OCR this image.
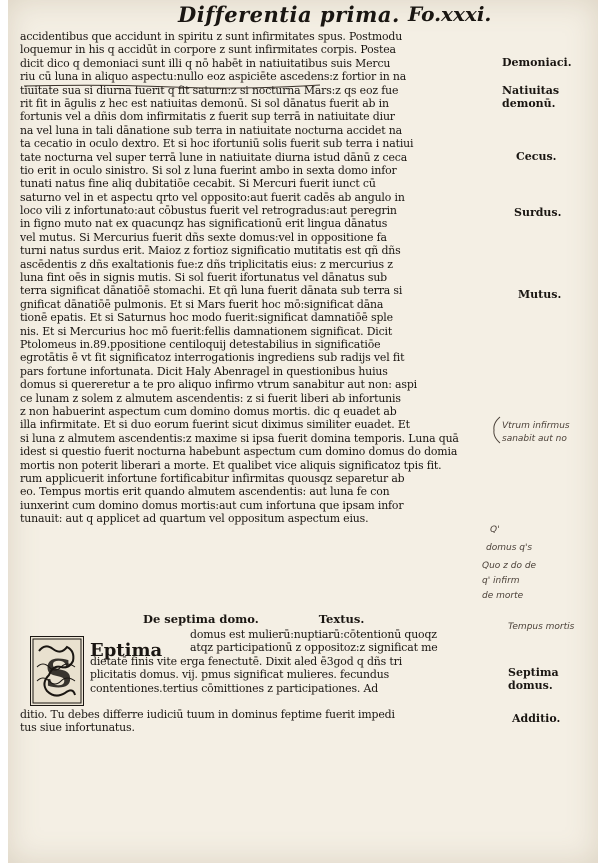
Differentia prima. Fo.xxxi.
accidentibus que accidunt in spiritu z sunt infirmitates spus. Postmodu
loquemur in his q accidūt in corpore z sunt infirmitates corpis. Postea
dicit dico q demoniaci sunt illi q nō habēt in natiuitatibus suis Mercu
riu cū luna in aliquo aspectu:nullo eoz aspiciēte ascedens:z fortior in na
tiuitate sua si diurna fuerit q fit saturn:z si nocturna Mars:z qs eoz fue
rit fit in āgulis z hec est natiuitas demonū. Si sol dānatus fuerit ab in
fortunis vel a dñis dom infirmitatis z fuerit sup terrā in natiuitate diur
na vel luna in tali dānatione sub terra in natiuitate nocturna accidet na
ta cecatio in oculo dextro. Et si hoc ifortuniū solis fuerit sub terra i natiui
tate nocturna vel super terrā lune in natiuitate diurna istud dānū z ceca
tio erit in oculo sinistro. Si sol z luna fuerint ambo in sexta domo infor
tunati natus fine aliq dubitatiōe cecabit. Si Mercuri fuerit iunct cū
saturno vel in et aspectu qrto vel opposito:aut fuerit cadēs ab angulo in
loco vili z infortunato:aut cōbustus fuerit vel retrogradus:aut peregrin
in figno muto nat ex quacunqz has significationū erit lingua dānatus
vel mutus. Si Mercurius fuerit dñs sexte domus:vel in oppositione fa
turni natus surdus erit. Maioz z fortioz significatio mutitatis est qñ dñs
ascēdentis z dñs exaltationis fue:z dñs triplicitatis eius: z mercurius z
luna fint oēs in signis mutis. Si sol fuerit ifortunatus vel dānatus sub
terra significat dānatiōē stomachi. Et qñ luna fuerit dānata sub terra si
gnificat dānatiōē pulmonis. Et si Mars fuerit hoc mō:significat dāna
tionē epatis. Et si Saturnus hoc modo fuerit:significat damnatiōē sple
nis. Et si Mercurius hoc mō fuerit:fellis damnationem significat. Dicit
Ptolomeus in.89.ppositione centiloquij detestabilius in significatiōe
egrotātis ē vt fit significatoz interrogationis ingrediens sub radijs vel fit
pars fortune infortunata. Dicit Haly Abenragel in questionibus huius
domus si quereretur a te pro aliquo infirmo vtrum sanabitur aut non: aspi
ce lunam z solem z almutem ascendentis: z si fuerit liberi ab infortunis
z non habuerint aspectum cum domino domus mortis. dic q euadet ab
illa infirmitate. Et si duo eorum fuerint sicut diximus similiter euadet. Et
si luna z almutem ascendentis:z maxime si ipsa fuerit domina temporis. Luna quā
idest si questio fuerit nocturna habebunt aspectum cum domino domus do domia
mortis non poterit liberari a morte. Et qualibet vice aliquis significatoz tpis fit.
rum applicuerit infortune fortificabitur infirmitas quousqz separetur ab
eo. Tempus mortis erit quando almutem ascendentis: aut luna fe con
iunxerint cum domino domus mortis:aut cum infortuna que ipsam infor
tunauit: aut q applicet ad quartum vel oppositum aspectum eius.
Demoniaci.
Natiuitas demonū.
Cecus.
Surdus.
Mutus.
Vtrum infirmus
sanabit aut no
Q'
domus q's
Quo z do de
q' infirm
de morte
Tempus mortis
De septima domo.	Textus.
S
Eptima
domus est mulierū:nuptiarū:cōtentionū quoqz
atqz participationū z oppositoz:z significat me
dietatē finis vite erga fenectutē. Dixit aled ē3god q dñs tri
plicitatis domus. vij. pmus significat mulieres. fecundus
contentiones.tertius cōmittiones z participationes. Ad
ditio. Tu debes differre iudiciū tuum in dominus feptime fuerit impedi
tus siue infortunatus.
Septima domus.
Additio.
